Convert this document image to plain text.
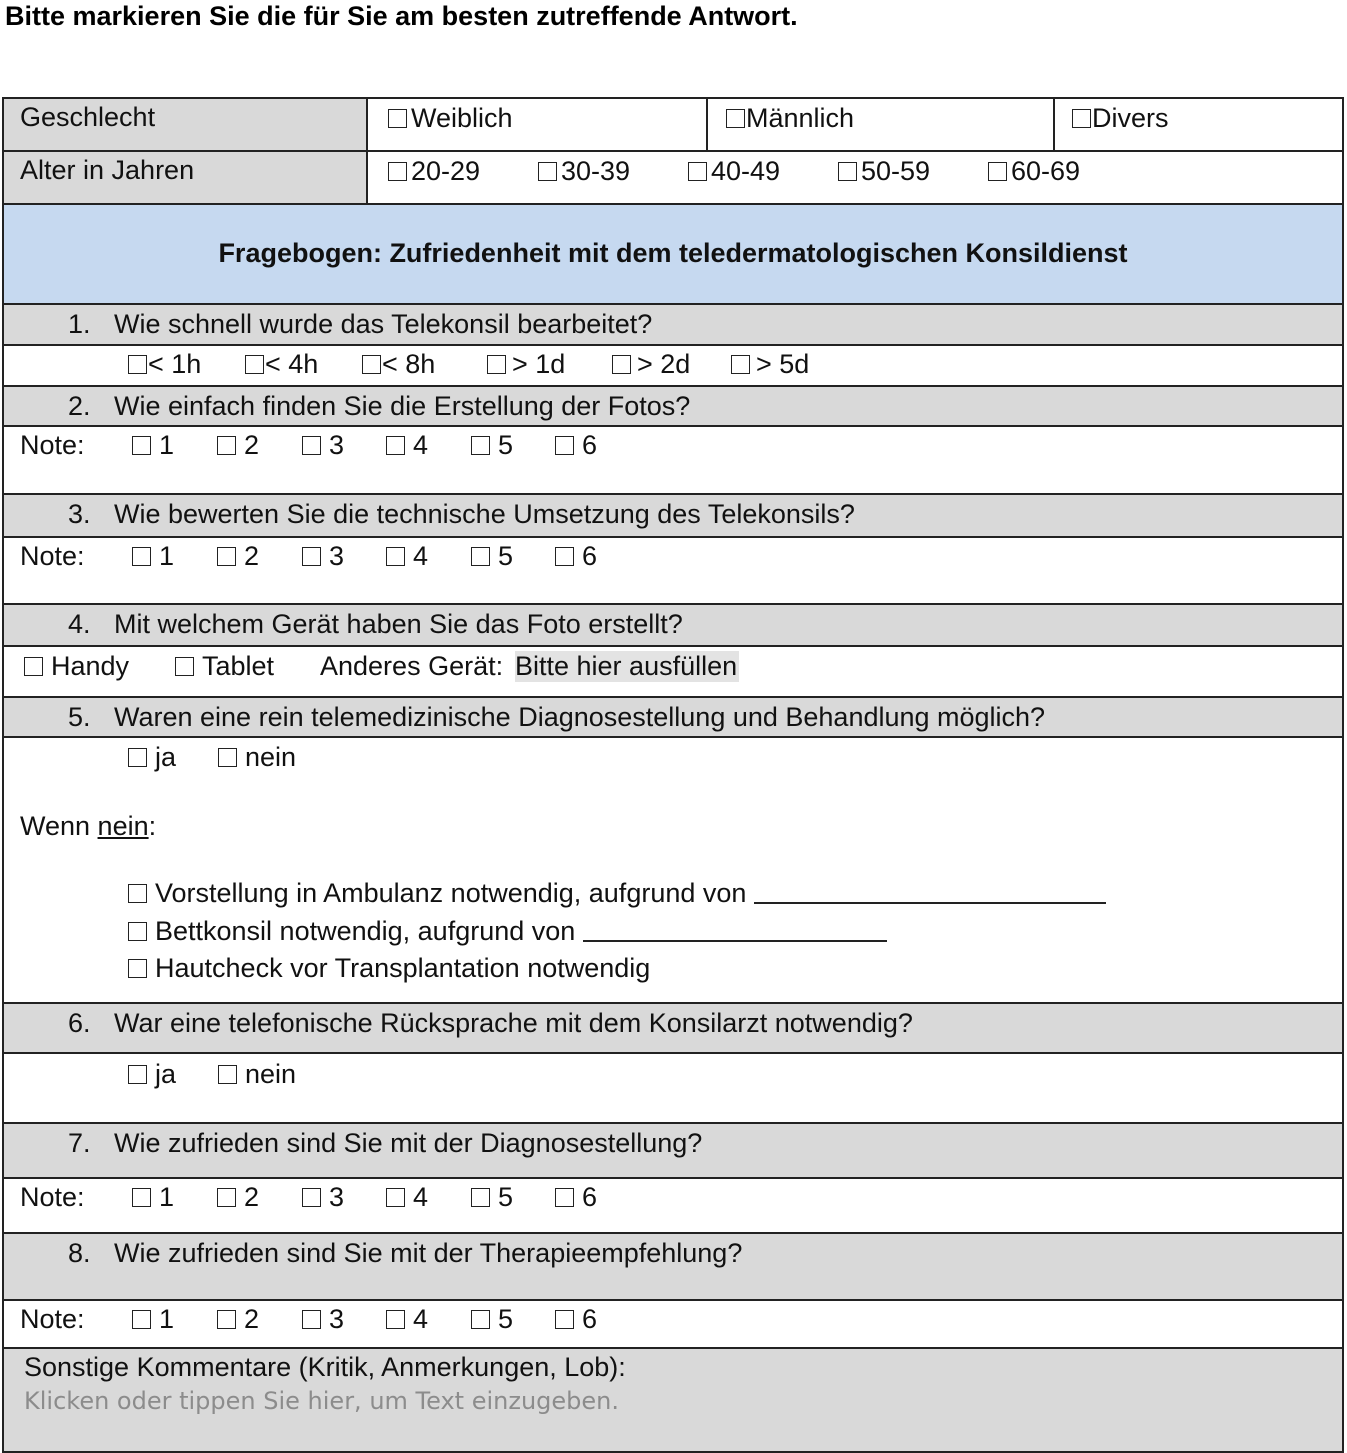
Bitte markieren Sie die für Sie am besten zutreffende Antwort.
Geschlecht	Weiblich	Männlich	Divers
Alter in Jahren	20-29	30-39	40-49	50-59	60-69
Fragebogen: Zufriedenheit mit dem teledermatologischen Konsildienst
1. Wie schnell wurde das Telekonsil bearbeitet?
< 1h	< 4h	< 8h	> 1d	> 2d	> 5d
2. Wie einfach finden Sie die Erstellung der Fotos?
Note:	1	2	3	4	5	6
3. Wie bewerten Sie die technische Umsetzung des Telekonsils?
Note:	1	2	3	4	5	6
4. Mit welchem Gerät haben Sie das Foto erstellt?
Handy	Tablet Anderes Gerät: Bitte hier ausfüllen
5. Waren eine rein telemedizinische Diagnosestellung und Behandlung möglich?
ja	nein
Wenn nein:
Vorstellung in Ambulanz notwendig, aufgrund von
Bettkonsil notwendig, aufgrund von
Hautcheck vor Transplantation notwendig
6. War eine telefonische Rücksprache mit dem Konsilarzt notwendig?
ja	nein
7. Wie zufrieden sind Sie mit der Diagnosestellung?
Note:	1	2	3	4	5	6
8. Wie zufrieden sind Sie mit der Therapieempfehlung?
Note:	1	2	3	4	5	6
Sonstige Kommentare (Kritik, Anmerkungen, Lob):
Klicken oder tippen Sie hier, um Text einzugeben.
